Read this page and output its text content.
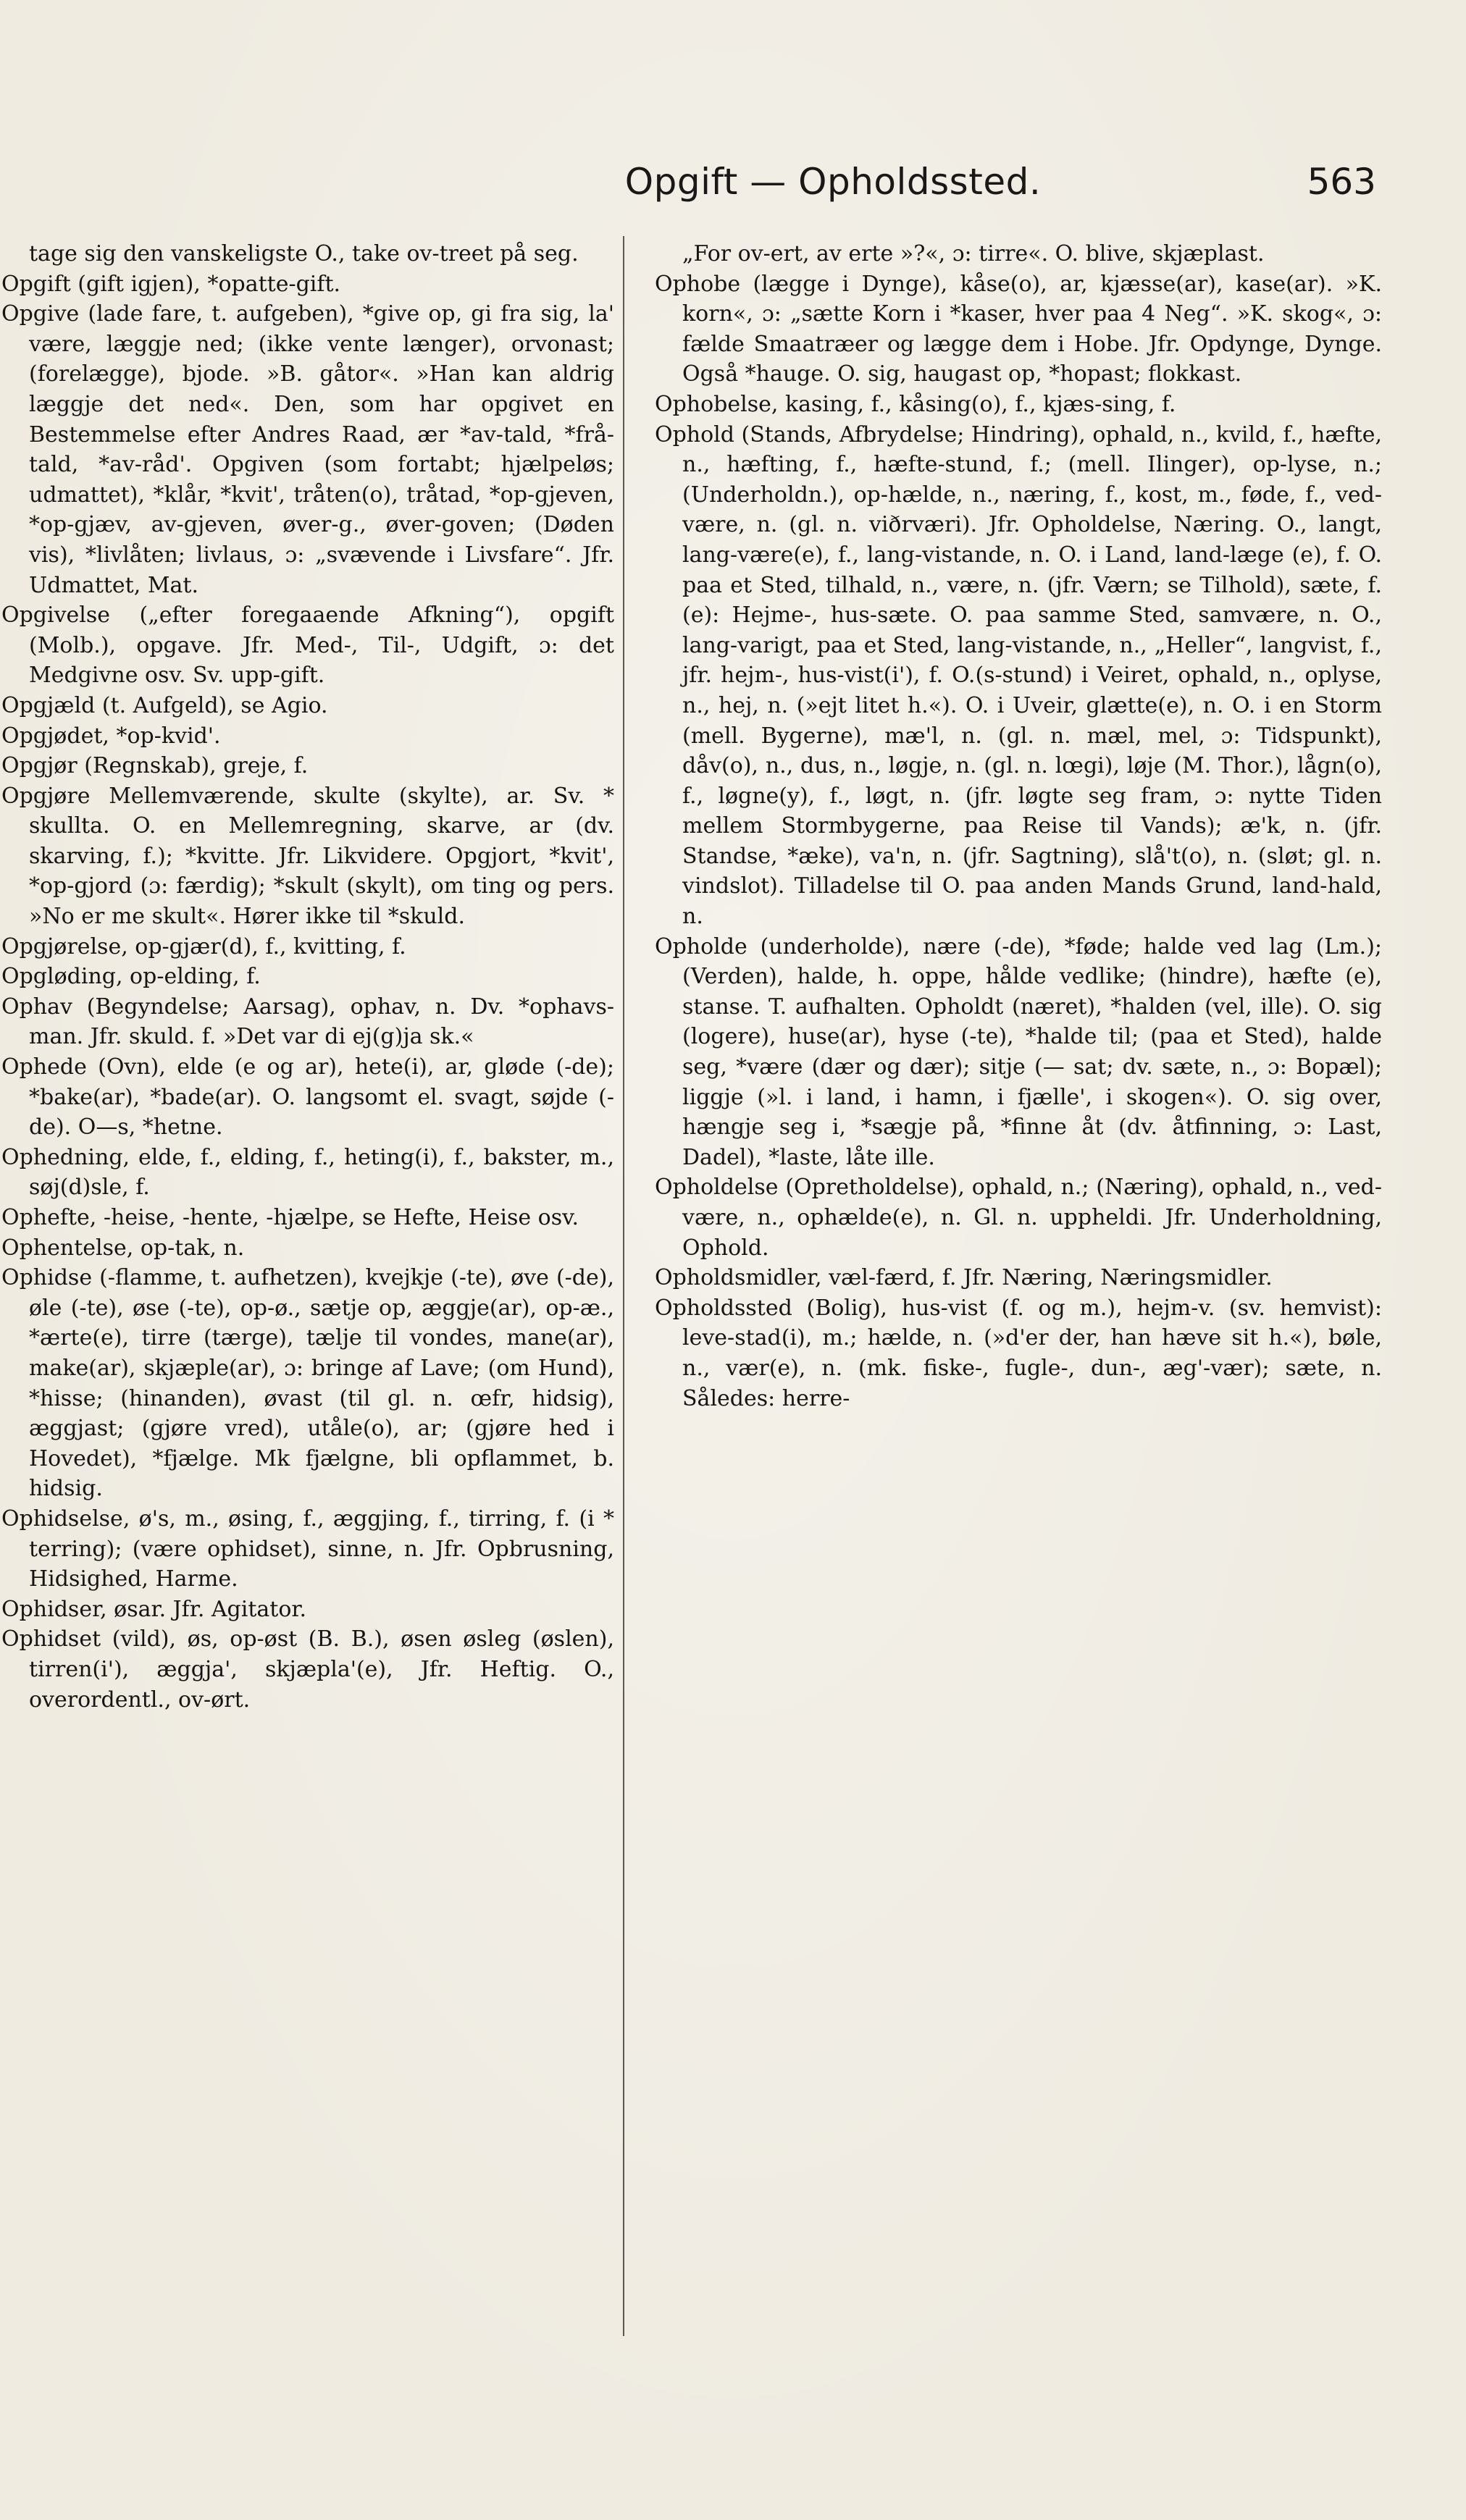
Opgift — Opholdssted.	563

tage sig den vanskeligste O., take ov-treet på seg.

Opgift (gift igjen), *opatte-gift.

Opgive (lade fare, t. aufgeben), *give op, gi fra sig, la' være, læggje ned; (ikke vente længer), orvonast; (forelægge), bjode. »B. gåtor«. »Han kan aldrig læggje det ned«. Den, som har opgivet en Bestemmelse efter Andres Raad, ær *av-tald, *frå-tald, *av-råd'. Opgiven (som fortabt; hjælpeløs; udmattet), *klår, *kvit', tråten(o), tråtad, *op-gjeven, *op-gjæv, av-gjeven, øver-g., øver-goven; (Døden vis), *livlåten; livlaus, ɔ: „svævende i Livsfare“. Jfr. Udmattet, Mat.

Opgivelse („efter foregaaende Afkning“), opgift (Molb.), opgave. Jfr. Med-, Til-, Udgift, ɔ: det Medgivne osv. Sv. upp-gift.

Opgjæld (t. Aufgeld), se Agio.

Opgjødet, *op-kvid'.

Opgjør (Regnskab), greje, f.

Opgjøre Mellemværende, skulte (skylte), ar. Sv. * skullta. O. en Mellemregning, skarve, ar (dv. skarving, f.); *kvitte. Jfr. Likvidere. Opgjort, *kvit', *op-gjord (ɔ: færdig); *skult (skylt), om ting og pers. »No er me skult«. Hører ikke til *skuld.

Opgjørelse, op-gjær(d), f., kvitting, f.

Opgløding, op-elding, f.

Ophav (Begyndelse; Aarsag), ophav, n. Dv. *ophavs-man. Jfr. skuld. f. »Det var di ej(g)ja sk.«

Ophede (Ovn), elde (e og ar), hete(i), ar, gløde (-de); *bake(ar), *bade(ar). O. langsomt el. svagt, søjde (-de). O—s, *hetne.

Ophedning, elde, f., elding, f., heting(i), f., bakster, m., søj(d)sle, f.

Ophefte, -heise, -hente, -hjælpe, se Hefte, Heise osv.

Ophentelse, op-tak, n.

Ophidse (-flamme, t. aufhetzen), kvejkje (-te), øve (-de), øle (-te), øse (-te), op-ø., sætje op, æggje(ar), op-æ., *ærte(e), tirre (tærge), tælje til vondes, mane(ar), make(ar), skjæple(ar), ɔ: bringe af Lave; (om Hund), *hisse; (hinanden), øvast (til gl. n. œfr, hidsig), æggjast; (gjøre vred), utåle(o), ar; (gjøre hed i Hovedet), *fjælge. Mk fjælgne, bli opflammet, b. hidsig.

Ophidselse, ø's, m., øsing, f., æggjing, f., tirring, f. (i * terring); (være ophidset), sinne, n. Jfr. Opbrusning, Hidsighed, Harme.

Ophidser, øsar. Jfr. Agitator.

Ophidset (vild), øs, op-øst (B. B.), øsen øsleg (øslen), tirren(i'), æggja', skjæpla'(e), Jfr. Heftig. O., overordentl., ov-ørt.

„For ov-ert, av erte »?«, ɔ: tirre«. O. blive, skjæplast.

Ophobe (lægge i Dynge), kåse(o), ar, kjæsse(ar), kase(ar). »K. korn«, ɔ: „sætte Korn i *kaser, hver paa 4 Neg“. »K. skog«, ɔ: fælde Smaatræer og lægge dem i Hobe. Jfr. Opdynge, Dynge. Også *hauge. O. sig, haugast op, *hopast; flokkast.

Ophobelse, kasing, f., kåsing(o), f., kjæs-sing, f.

Ophold (Stands, Afbrydelse; Hindring), ophald, n., kvild, f., hæfte, n., hæfting, f., hæfte-stund, f.; (mell. Ilinger), op-lyse, n.; (Underholdn.), op-hælde, n., næring, f., kost, m., føde, f., ved-være, n. (gl. n. viðrværi). Jfr. Opholdelse, Næring. O., langt, lang-være(e), f., lang-vistande, n. O. i Land, land-læge (e), f. O. paa et Sted, tilhald, n., være, n. (jfr. Værn; se Tilhold), sæte, f. (e): Hejme-, hus-sæte. O. paa samme Sted, samvære, n. O., lang-varigt, paa et Sted, lang-vistande, n., „Heller“, langvist, f., jfr. hejm-, hus-vist(i'), f. O.(s-stund) i Veiret, ophald, n., oplyse, n., hej, n. (»ejt litet h.«). O. i Uveir, glætte(e), n. O. i en Storm (mell. Bygerne), mæ'l, n. (gl. n. mæl, mel, ɔ: Tidspunkt), dåv(o), n., dus, n., løgje, n. (gl. n. lœgi), løje (M. Thor.), lågn(o), f., løgne(y), f., løgt, n. (jfr. løgte seg fram, ɔ: nytte Tiden mellem Stormbygerne, paa Reise til Vands); æ'k, n. (jfr. Standse, *æke), va'n, n. (jfr. Sagtning), slå't(o), n. (sløt; gl. n. vindslot). Tilladelse til O. paa anden Mands Grund, land-hald, n.

Opholde (underholde), nære (-de), *føde; halde ved lag (Lm.); (Verden), halde, h. oppe, hålde vedlike; (hindre), hæfte (e), stanse. T. aufhalten. Opholdt (næret), *halden (vel, ille). O. sig (logere), huse(ar), hyse (-te), *halde til; (paa et Sted), halde seg, *være (dær og dær); sitje (— sat; dv. sæte, n., ɔ: Bopæl); liggje (»l. i land, i hamn, i fjælle', i skogen«). O. sig over, hængje seg i, *sægje på, *finne åt (dv. åtfinning, ɔ: Last, Dadel), *laste, låte ille.

Opholdelse (Opretholdelse), ophald, n.; (Næring), ophald, n., ved-være, n., ophælde(e), n. Gl. n. uppheldi. Jfr. Underholdning, Ophold.

Opholdsmidler, væl-færd, f. Jfr. Næring, Næringsmidler.

Opholdssted (Bolig), hus-vist (f. og m.), hejm-v. (sv. hemvist): leve-stad(i), m.; hælde, n. (»d'er der, han hæve sit h.«), bøle, n., vær(e), n. (mk. fiske-, fugle-, dun-, æg'-vær); sæte, n. Således: herre-
